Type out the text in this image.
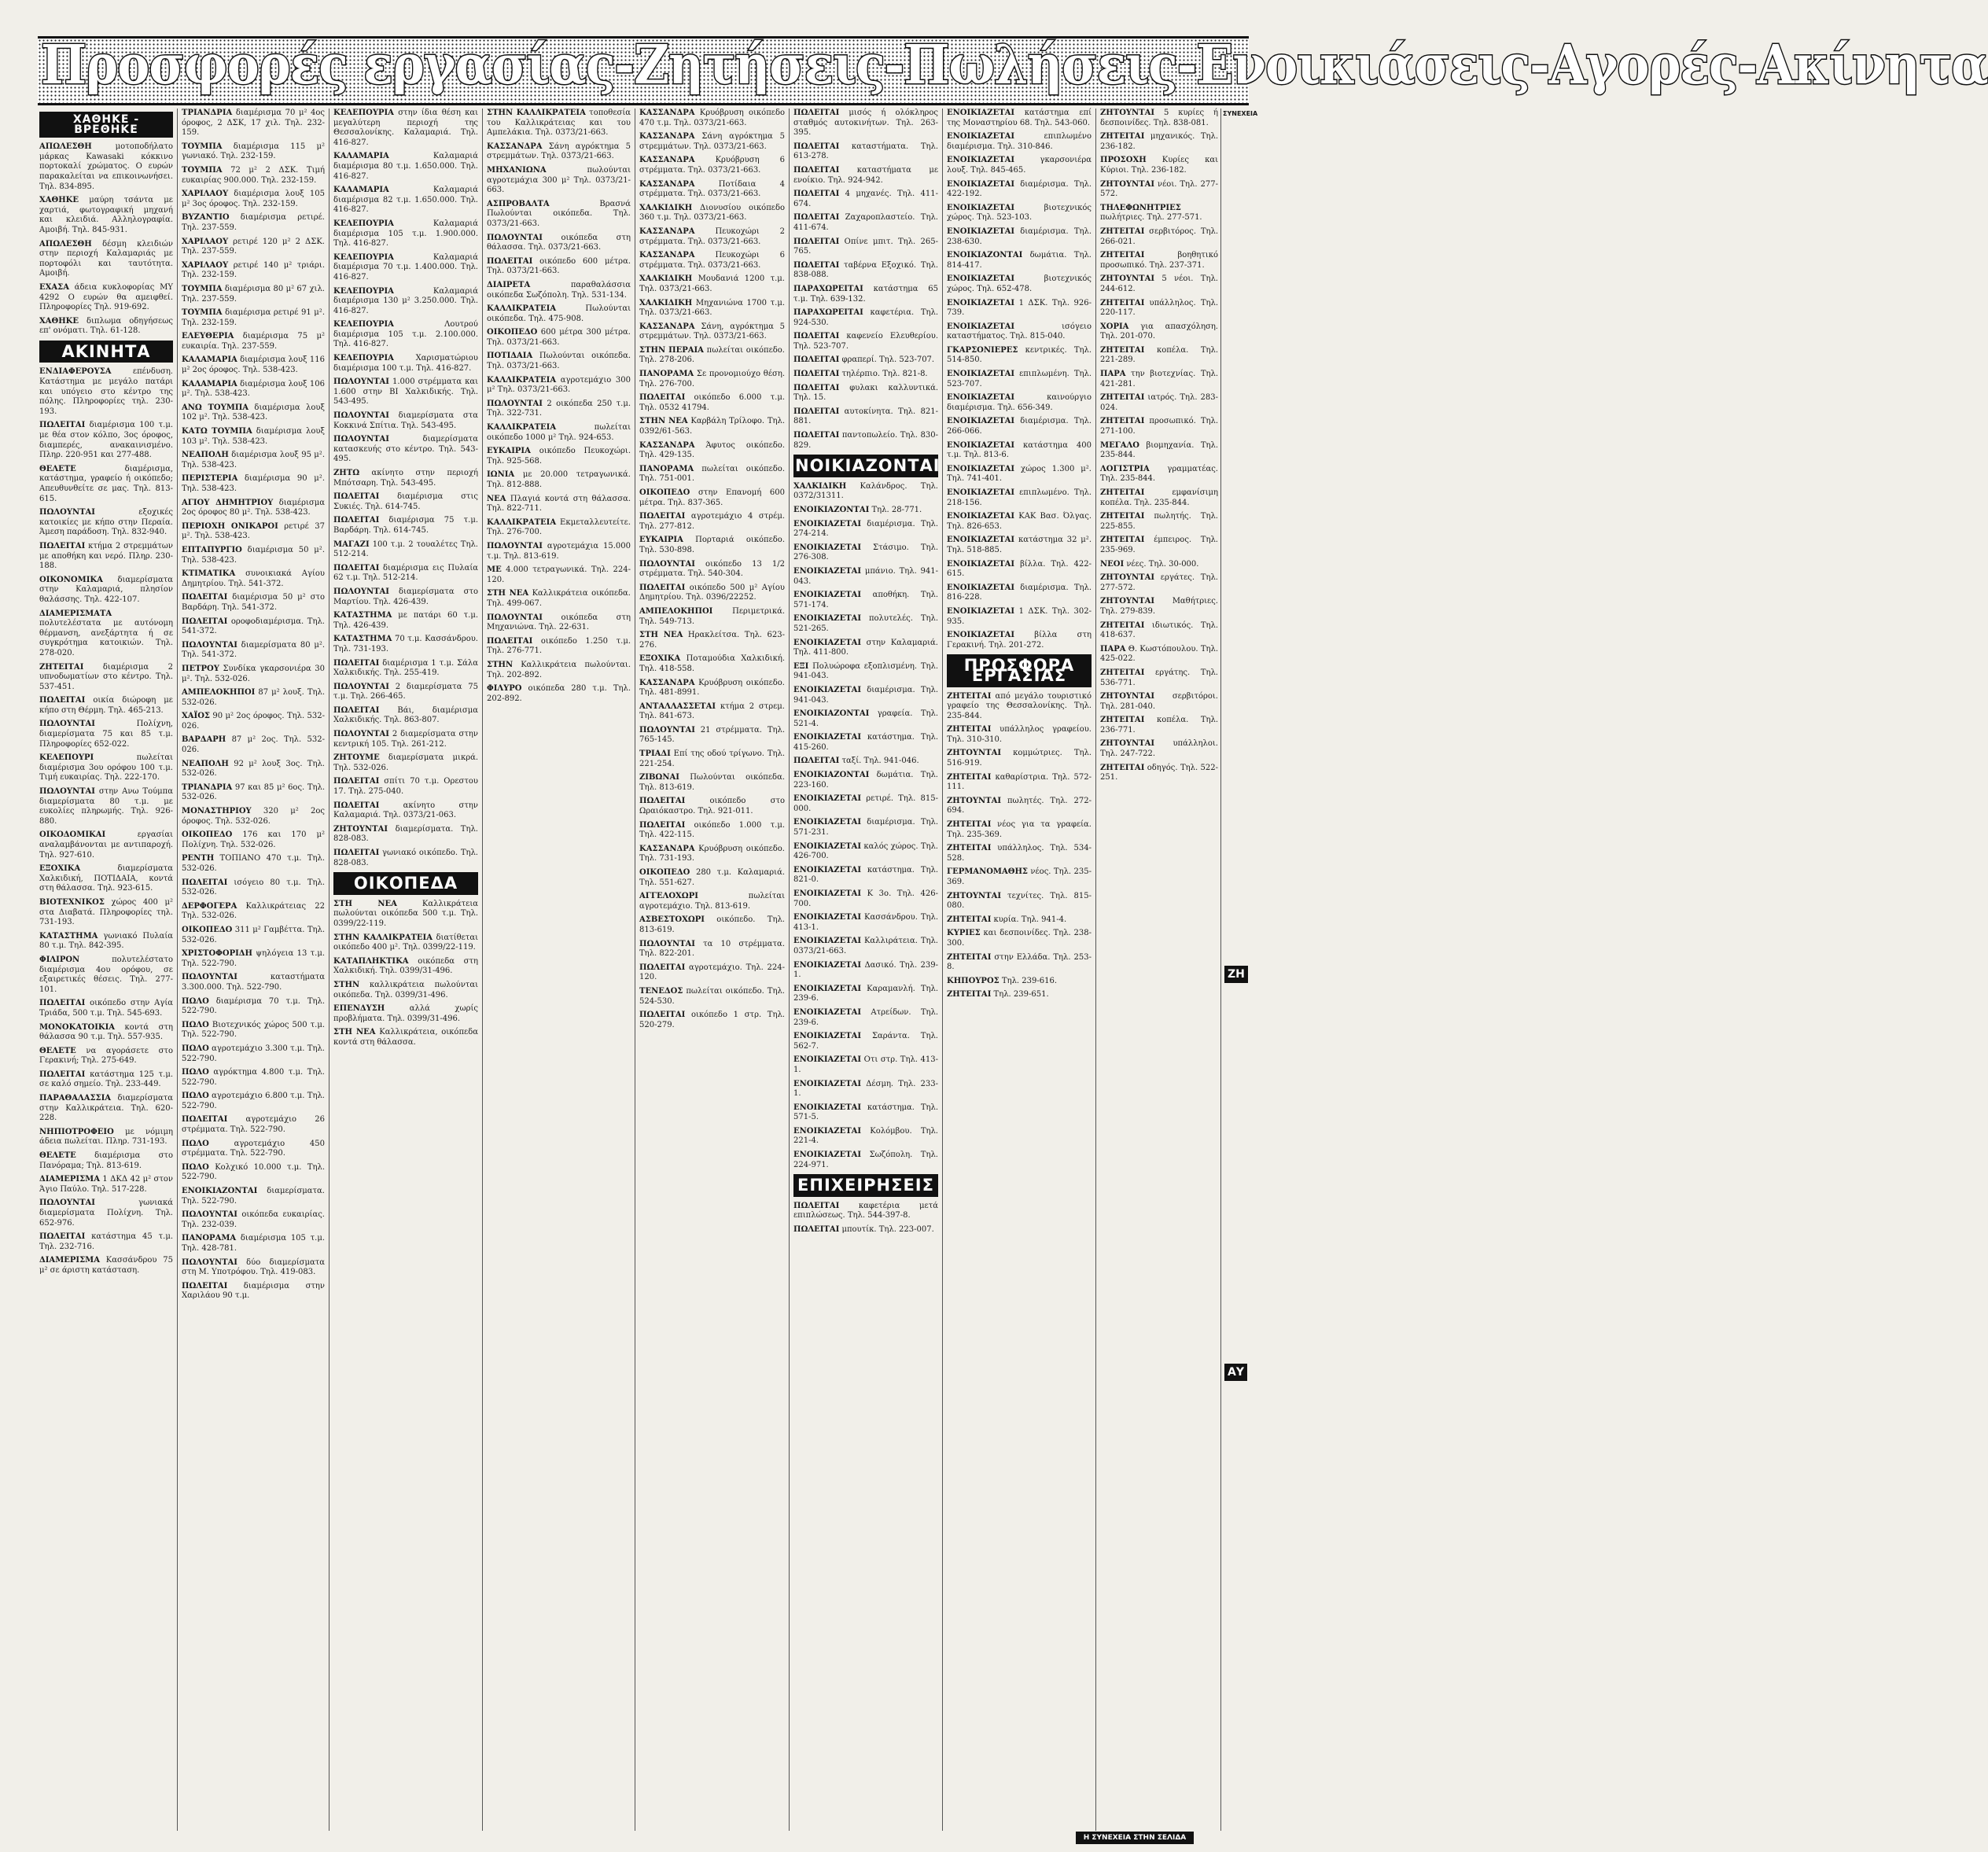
Προσφορές εργασίας-Ζητήσεις-Πωλήσεις-Ενοικιάσεις-Αγορές-Ακίνητα
ΧΑΘΗΚΕ - ΒΡΕΘΗΚΕ

ΑΠΩΛΕΣΘΗ μοτοποδήλατο μάρκας Kawasaki κόκκινο πορτοκαλί χρώματος. Ο ευρών παρακαλείται να επικοινωνήσει. Τηλ. 834-895.

ΧΑΘΗΚΕ μαύρη τσάντα με χαρτιά, φωτογραφική μηχανή και κλειδιά. Αλληλογραφία. Αμοιβή. Τηλ. 845-931.

ΑΠΩΛΕΣΘΗ δέσμη κλειδιών στην περιοχή Καλαμαριάς με πορτοφόλι και ταυτότητα. Αμοιβή.

ΕΧΑΣΑ άδεια κυκλοφορίας ΜΥ 4292 Ο ευρών θα αμειφθεί. Πληροφορίες Τηλ. 919-692.

ΧΑΘΗΚΕ διπλωμα οδηγήσεως επ' ονόματι. Τηλ. 61-128.

ΑΚΙΝΗΤΑ

ΕΝΔΙΑΦΕΡΟΥΣΑ επένδυση. Κατάστημα με μεγάλο πατάρι και υπόγειο στο κέντρο της πόλης. Πληροφορίες τηλ. 230-193.

ΠΩΛΕΙΤΑΙ διαμέρισμα 100 τ.μ. με θέα στον κόλπο, 3ος όροφος, διαμπερές, ανακαινισμένο. Πληρ. 220-951 και 277-488.

ΘΕΛΕΤΕ διαμέρισμα, κατάστημα, γραφείο ή οικόπεδο; Απευθυνθείτε σε μας. Τηλ. 813-615.

ΠΩΛΟΥΝΤΑΙ εξοχικές κατοικίες με κήπο στην Περαία. Άμεση παράδοση. Τηλ. 832-940.

ΠΩΛΕΙΤΑΙ κτήμα 2 στρεμμάτων με αποθήκη και νερό. Πληρ. 230-188.

ΟΙΚΟΝΟΜΙΚΑ διαμερίσματα στην Καλαμαριά, πλησίον θαλάσσης. Τηλ. 422-107.

ΔΙΑΜΕΡΙΣΜΑΤΑ πολυτελέστατα με αυτόνομη θέρμανση, ανεξάρτητα ή σε συγκρότημα κατοικιών. Τηλ. 278-020.

ΖΗΤΕΙΤΑΙ διαμέρισμα 2 υπνοδωματίων στο κέντρο. Τηλ. 537-451.

ΠΩΛΕΙΤΑΙ οικία διώροφη με κήπο στη Θέρμη. Τηλ. 465-213.

ΠΩΛΟΥΝΤΑΙ Πολίχνη, διαμερίσματα 75 και 85 τ.μ. Πληροφορίες 652-022.

ΚΕΛΕΠΟΥΡΙ πωλείται διαμέρισμα 3ου ορόφου 100 τ.μ. Τιμή ευκαιρίας. Τηλ. 222-170.

ΠΩΛΟΥΝΤΑΙ στην Ανω Τούμπα διαμερίσματα 80 τ.μ. με ευκολίες πληρωμής. Τηλ. 926-880.

ΟΙΚΟΔΟΜΙΚΑΙ εργασίαι αναλαμβάνονται με αντιπαροχή. Τηλ. 927-610.

ΕΞΟΧΙΚΑ διαμερίσματα Χαλκιδική, ΠΟΤΙΔΑΙΑ, κοντά στη θάλασσα. Τηλ. 923-615.

ΒΙΟΤΕΧΝΙΚΟΣ χώρος 400 μ² στα Διαβατά. Πληροφορίες τηλ. 731-193.

ΚΑΤΑΣΤΗΜΑ γωνιακό Πυλαία 80 τ.μ. Τηλ. 842-395.

ΦΙΛΙΡΟΝ πολυτελέστατο διαμέρισμα 4ου ορόφου, σε εξαιρετικές θέσεις. Τηλ. 277-101.

ΠΩΛΕΙΤΑΙ οικόπεδο στην Αγία Τριάδα, 500 τ.μ. Τηλ. 545-693.

ΜΟΝΟΚΑΤΟΙΚΙΑ κοντά στη θάλασσα 90 τ.μ. Τηλ. 557-935.

ΘΕΛΕΤΕ να αγοράσετε στο Γερακινή; Τηλ. 275-649.

ΠΩΛΕΙΤΑΙ κατάστημα 125 τ.μ. σε καλό σημείο. Τηλ. 233-449.

ΠΑΡΑΘΑΛΑΣΣΙΑ διαμερίσματα στην Καλλικράτεια. Τηλ. 620-228.

ΝΗΠΙΟΤΡΟΦΕΙΟ με νόμιμη άδεια πωλείται. Πληρ. 731-193.

ΘΕΛΕΤΕ διαμέρισμα στο Πανόραμα; Τηλ. 813-619.

ΔΙΑΜΕΡΙΣΜΑ 1 ΔΚΔ 42 μ² στον Άγιο Παύλο. Τηλ. 517-228.

ΠΩΛΟΥΝΤΑΙ γωνιακά διαμερίσματα Πολίχνη. Τηλ. 652-976.

ΠΩΛΕΙΤΑΙ κατάστημα 45 τ.μ. Τηλ. 232-716.

ΔΙΑΜΕΡΙΣΜΑ Κασσάνδρου 75 μ² σε άριστη κατάσταση.

ΤΡΙΑΝΔΡΙΑ διαμέρισμα 70 μ² 4ος όροφος, 2 ΔΣΚ, 17 χιλ. Τηλ. 232-159.

ΤΟΥΜΠΑ διαμέρισμα 115 μ² γωνιακό. Τηλ. 232-159.

ΤΟΥΜΠΑ 72 μ² 2 ΔΣΚ. Τιμή ευκαιρίας 900.000. Τηλ. 232-159.

ΧΑΡΙΛΑΟΥ διαμέρισμα λουξ 105 μ² 3ος όροφος. Τηλ. 232-159.

ΒΥΖΑΝΤΙΟ διαμέρισμα ρετιρέ. Τηλ. 237-559.

ΧΑΡΙΛΑΟΥ ρετιρέ 120 μ² 2 ΔΣΚ. Τηλ. 237-559.

ΧΑΡΙΛΑΟΥ ρετιρέ 140 μ² τριάρι. Τηλ. 232-159.

ΤΟΥΜΠΑ διαμέρισμα 80 μ² 67 χιλ. Τηλ. 237-559.

ΤΟΥΜΠΑ διαμέρισμα ρετιρέ 91 μ². Τηλ. 232-159.

ΕΛΕΥΘΕΡΙΑ διαμέρισμα 75 μ² ευκαιρία. Τηλ. 237-559.

ΚΑΛΑΜΑΡΙΑ διαμέρισμα λουξ 116 μ² 2ος όροφος. Τηλ. 538-423.

ΚΑΛΑΜΑΡΙΑ διαμέρισμα λουξ 106 μ². Τηλ. 538-423.

ΑΝΩ ΤΟΥΜΠΑ διαμέρισμα λουξ 102 μ². Τηλ. 538-423.

ΚΑΤΩ ΤΟΥΜΠΑ διαμέρισμα λουξ 103 μ². Τηλ. 538-423.

ΝΕΑΠΟΛΗ διαμέρισμα λουξ 95 μ². Τηλ. 538-423.

ΠΕΡΙΣΤΕΡΙΑ διαμέρισμα 90 μ². Τηλ. 538-423.

ΑΓΙΟΥ ΔΗΜΗΤΡΙΟΥ διαμέρισμα 2ος όροφος 80 μ². Τηλ. 538-423.

ΠΕΡΙΟΧΗ ΟΝΙΚΑΡΟΙ ρετιρέ 37 μ². Τηλ. 538-423.

ΕΠΤΑΠΥΡΓΙΟ διαμέρισμα 50 μ². Τηλ. 538-423.

ΚΤΙΜΑΤΙΚΑ συνοικιακά Αγίου Δημητρίου. Τηλ. 541-372.

ΠΩΛΕΙΤΑΙ διαμέρισμα 50 μ² στο Βαρδάρη. Τηλ. 541-372.

ΠΩΛΕΙΤΑΙ οροφοδιαμέρισμα. Τηλ. 541-372.

ΠΩΛΟΥΝΤΑΙ διαμερίσματα 80 μ². Τηλ. 541-372.

ΠΕΤΡΟΥ Συνδίκα γκαρσονιέρα 30 μ². Τηλ. 532-026.

ΑΜΠΕΛΟΚΗΠΟΙ 87 μ² λουξ. Τηλ. 532-026.

ΧΑΪΟΣ 90 μ² 2ος όροφος. Τηλ. 532-026.

ΒΑΡΔΑΡΗ 87 μ² 2ος. Τηλ. 532-026.

ΝΕΑΠΟΛΗ 92 μ² λουξ 3ος. Τηλ. 532-026.

ΤΡΙΑΝΔΡΙΑ 97 και 85 μ² 6ος. Τηλ. 532-026.

ΜΟΝΑΣΤΗΡΙΟΥ 320 μ² 2ος όροφος. Τηλ. 532-026.

ΟΙΚΟΠΕΔΟ 176 και 170 μ² Πολίχνη. Τηλ. 532-026.

ΡΕΝΤΗ ΤΟΠΙΑΝΟ 470 τ.μ. Τηλ. 532-026.

ΠΩΛΕΙΤΑΙ ισόγειο 80 τ.μ. Τηλ. 532-026.

ΔΕΡΦΟΓΕΡΑ Καλλικράτειας 22 Τηλ. 532-026.

ΟΙΚΟΠΕΔΟ 311 μ² Γαμβέττα. Τηλ. 532-026.

ΧΡΙΣΤΟΦΟΡΙΔΗ ψηλόγεια 13 τ.μ. Τηλ. 522-790.

ΠΩΛΟΥΝΤΑΙ καταστήματα 3.300.000. Τηλ. 522-790.

ΠΩΛΟ διαμέρισμα 70 τ.μ. Τηλ. 522-790.

ΠΩΛΟ Βιοτεχνικός χώρος 500 τ.μ. Τηλ. 522-790.

ΠΩΛΟ αγροτεμάχιο 3.300 τ.μ. Τηλ. 522-790.

ΠΩΛΟ αγρόκτημα 4.800 τ.μ. Τηλ. 522-790.

ΠΩΛΟ αγροτεμάχιο 6.800 τ.μ. Τηλ. 522-790.

ΠΩΛΕΙΤΑΙ αγροτεμάχιο 26 στρέμματα. Τηλ. 522-790.

ΠΩΛΟ αγροτεμάχιο 450 στρέμματα. Τηλ. 522-790.

ΠΩΛΟ Κολχικό 10.000 τ.μ. Τηλ. 522-790.

ΕΝΟΙΚΙΑΖΟΝΤΑΙ διαμερίσματα. Τηλ. 522-790.

ΠΩΛΟΥΝΤΑΙ οικόπεδα ευκαιρίας. Τηλ. 232-039.

ΠΑΝΟΡΑΜΑ διαμέρισμα 105 τ.μ. Τηλ. 428-781.

ΠΩΛΟΥΝΤΑΙ δύο διαμερίσματα στη Μ. Υποτρόφου. Τηλ. 419-083.

ΠΩΛΕΙΤΑΙ διαμέρισμα στην Χαριλάου 90 τ.μ.

ΚΕΛΕΠΟΥΡΙΑ στην ίδια θέση και μεγαλύτερη περιοχή της Θεσσαλονίκης. Καλαμαριά. Τηλ. 416-827.

ΚΑΛΑΜΑΡΙΑ Καλαμαριά διαμέρισμα 80 τ.μ. 1.650.000. Τηλ. 416-827.

ΚΑΛΑΜΑΡΙΑ Καλαμαριά διαμέρισμα 82 τ.μ. 1.650.000. Τηλ. 416-827.

ΚΕΛΕΠΟΥΡΙΑ Καλαμαριά διαμέρισμα 105 τ.μ. 1.900.000. Τηλ. 416-827.

ΚΕΛΕΠΟΥΡΙΑ Καλαμαριά διαμέρισμα 70 τ.μ. 1.400.000. Τηλ. 416-827.

ΚΕΛΕΠΟΥΡΙΑ Καλαμαριά διαμέρισμα 130 μ² 3.250.000. Τηλ. 416-827.

ΚΕΛΕΠΟΥΡΙΑ Λουτρού διαμέρισμα 105 τ.μ. 2.100.000. Τηλ. 416-827.

ΚΕΛΕΠΟΥΡΙΑ Χαρισματώριου διαμέρισμα 100 τ.μ. Τηλ. 416-827.

ΠΩΛΟΥΝΤΑΙ 1.000 στρέμματα και 1.600 στην ΒΙ Χαλκιδικής. Τηλ. 543-495.

ΠΩΛΟΥΝΤΑΙ διαμερίσματα στα Κοκκινά Σπίτια. Τηλ. 543-495.

ΠΩΛΟΥΝΤΑΙ διαμερίσματα κατασκευής στο κέντρο. Τηλ. 543-495.

ΖΗΤΩ ακίνητο στην περιοχή Μπότσαρη. Τηλ. 543-495.

ΠΩΛΕΙΤΑΙ διαμέρισμα στις Συκιές. Τηλ. 614-745.

ΠΩΛΕΙΤΑΙ διαμέρισμα 75 τ.μ. Βαρδάρη. Τηλ. 614-745.

ΜΑΓΑΖΙ 100 τ.μ. 2 τουαλέτες Τηλ. 512-214.

ΠΩΛΕΙΤΑΙ διαμέρισμα εις Πυλαία 62 τ.μ. Τηλ. 512-214.

ΠΩΛΟΥΝΤΑΙ διαμερίσματα στο Μαρτίου. Τηλ. 426-439.

ΚΑΤΑΣΤΗΜΑ με πατάρι 60 τ.μ. Τηλ. 426-439.

ΚΑΤΑΣΤΗΜΑ 70 τ.μ. Κασσάνδρου. Τηλ. 731-193.

ΠΩΛΕΙΤΑΙ διαμέρισμα 1 τ.μ. Σάλα Χαλκιδικής. Τηλ. 255-419.

ΠΩΛΟΥΝΤΑΙ 2 διαμερίσματα 75 τ.μ. Τηλ. 266-465.

ΠΩΛΕΙΤΑΙ Βάι, διαμέρισμα Χαλκιδικής. Τηλ. 863-807.

ΠΩΛΟΥΝΤΑΙ 2 διαμερίσματα στην κεντρική 105. Τηλ. 261-212.

ΖΗΤΟΥΜΕ διαμερίσματα μικρά. Τηλ. 532-026.

ΠΩΛΕΙΤΑΙ σπίτι 70 τ.μ. Ορεστου 17. Τηλ. 275-040.

ΠΩΛΕΙΤΑΙ ακίνητο στην Καλαμαριά. Τηλ. 0373/21-063.

ΖΗΤΟΥΝΤΑΙ διαμερίσματα. Τηλ. 828-083.

ΠΩΛΕΙΤΑΙ γωνιακό οικόπεδο. Τηλ. 828-083.

ΟΙΚΟΠΕΔΑ

ΣΤΗ ΝΕΑ Καλλικράτεια πωλούνται οικόπεδα 500 τ.μ. Τηλ. 0399/22-119.

ΣΤΗΝ ΚΑΛΛΙΚΡΑΤΕΙΑ διατίθεται οικόπεδο 400 μ². Τηλ. 0399/22-119.

ΚΑΤΑΠΛΗΚΤΙΚΑ οικόπεδα στη Χαλκιδική. Τηλ. 0399/31-496.

ΣΤΗΝ καλλικράτεια πωλούνται οικόπεδα. Τηλ. 0399/31-496.

ΕΠΕΝΔΥΣΗ αλλά χωρίς προβλήματα. Τηλ. 0399/31-496.

ΣΤΗ ΝΕΑ Καλλικράτεια, οικόπεδα κοντά στη θάλασσα.

ΣΤΗΝ ΚΑΛΛΙΚΡΑΤΕΙΑ τοποθεσία του Καλλικράτειας και του Αμπελάκια. Τηλ. 0373/21-663.

ΚΑΣΣΑΝΔΡΑ Σάνη αγρόκτημα 5 στρεμμάτων. Τηλ. 0373/21-663.

ΜΗΧΑΝΙΩΝΑ πωλούνται αγροτεμάχια 300 μ² Τηλ. 0373/21-663.

ΑΣΠΡΟΒΑΛΤΑ Βρασνά Πωλούνται οικόπεδα. Τηλ. 0373/21-663.

ΠΩΛΟΥΝΤΑΙ οικόπεδα στη θάλασσα. Τηλ. 0373/21-663.

ΠΩΛΕΙΤΑΙ οικόπεδο 600 μέτρα. Τηλ. 0373/21-663.

ΔΙΑΙΡΕΤΑ παραθαλάσσια οικόπεδα Σωζόπολη. Τηλ. 531-134.

ΚΑΛΛΙΚΡΑΤΕΙΑ Πωλούνται οικόπεδα. Τηλ. 475-908.

ΟΙΚΟΠΕΔΟ 600 μέτρα 300 μέτρα. Τηλ. 0373/21-663.

ΠΟΤΙΔΑΙΑ Πωλούνται οικόπεδα. Τηλ. 0373/21-663.

ΚΑΛΛΙΚΡΑΤΕΙΑ αγροτεμάχιο 300 μ² Τηλ. 0373/21-663.

ΠΩΛΟΥΝΤΑΙ 2 οικόπεδα 250 τ.μ. Τηλ. 322-731.

ΚΑΛΛΙΚΡΑΤΕΙΑ πωλείται οικόπεδο 1000 μ² Τηλ. 924-653.

ΕΥΚΑΙΡΙΑ οικόπεδο Πευκοχώρι. Τηλ. 925-568.

ΙΩΝΙΑ με 20.000 τετραγωνικά. Τηλ. 812-888.

ΝΕΑ Πλαγιά κοντά στη θάλασσα. Τηλ. 822-711.

ΚΑΛΛΙΚΡΑΤΕΙΑ Εκμεταλλευτείτε. Τηλ. 276-700.

ΠΩΛΟΥΝΤΑΙ αγροτεμάχια 15.000 τ.μ. Τηλ. 813-619.

ΜΕ 4.000 τετραγωνικά. Τηλ. 224-120.

ΣΤΗ ΝΕΑ Καλλικράτεια οικόπεδα. Τηλ. 499-067.

ΠΩΛΟΥΝΤΑΙ οικόπεδα στη Μηχανιώνα. Τηλ. 22-631.

ΠΩΛΕΙΤΑΙ οικόπεδο 1.250 τ.μ. Τηλ. 276-771.

ΣΤΗΝ Καλλικράτεια πωλούνται. Τηλ. 202-892.

ΦΙΛΥΡΟ οικόπεδα 280 τ.μ. Τηλ. 202-892.

ΚΑΣΣΑΝΔΡΑ Κρυόβρυση οικόπεδο 470 τ.μ. Τηλ. 0373/21-663.

ΚΑΣΣΑΝΔΡΑ Σάνη αγρόκτημα 5 στρεμμάτων. Τηλ. 0373/21-663.

ΚΑΣΣΑΝΔΡΑ Κρυόβρυση 6 στρέμματα. Τηλ. 0373/21-663.

ΚΑΣΣΑΝΔΡΑ Ποτίδαια 4 στρέμματα. Τηλ. 0373/21-663.

ΧΑΛΚΙΔΙΚΗ Διονυσίου οικόπεδο 360 τ.μ. Τηλ. 0373/21-663.

ΚΑΣΣΑΝΔΡΑ Πευκοχώρι 2 στρέμματα. Τηλ. 0373/21-663.

ΚΑΣΣΑΝΔΡΑ Πευκοχώρι 6 στρέμματα. Τηλ. 0373/21-663.

ΧΑΛΚΙΔΙΚΗ Μουδανιά 1200 τ.μ. Τηλ. 0373/21-663.

ΧΑΛΚΙΔΙΚΗ Μηχανιώνα 1700 τ.μ. Τηλ. 0373/21-663.

ΚΑΣΣΑΝΔΡΑ Σάνη, αγρόκτημα 5 στρεμμάτων. Τηλ. 0373/21-663.

ΣΤΗΝ ΠΕΡΑΙΑ πωλείται οικόπεδο. Τηλ. 278-206.

ΠΑΝΟΡΑΜΑ Σε προνομιούχο θέση. Τηλ. 276-700.

ΠΩΛΕΙΤΑΙ οικόπεδο 6.000 τ.μ. Τηλ. 0532 41794.

ΣΤΗΝ ΝΕΑ Καρβάλη Τρίλοφο. Τηλ. 0392/61-563.

ΚΑΣΣΑΝΔΡΑ Άφυτος οικόπεδο. Τηλ. 429-135.

ΠΑΝΟΡΑΜΑ πωλείται οικόπεδο. Τηλ. 751-001.

ΟΙΚΟΠΕΔΟ στην Επανομή 600 μέτρα. Τηλ. 837-365.

ΠΩΛΕΙΤΑΙ αγροτεμάχιο 4 στρέμ. Τηλ. 277-812.

ΕΥΚΑΙΡΙΑ Πορταριά οικόπεδο. Τηλ. 530-898.

ΠΩΛΟΥΝΤΑΙ οικόπεδο 13 1/2 στρέμματα. Τηλ. 540-304.

ΠΩΛΕΙΤΑΙ οικόπεδο 500 μ² Αγίου Δημητρίου. Τηλ. 0396/22252.

ΑΜΠΕΛΟΚΗΠΟΙ Περιμετρικά. Τηλ. 549-713.

ΣΤΗ ΝΕΑ Ηρακλείτσα. Τηλ. 623-276.

ΕΞΟΧΙΚΑ Ποταμούδια Χαλκιδική. Τηλ. 418-558.

ΚΑΣΣΑΝΔΡΑ Κρυόβρυση οικόπεδο. Τηλ. 481-8991.

ΑΝΤΑΛΛΑΣΣΕΤΑΙ κτήμα 2 στρεμ. Τηλ. 841-673.

ΠΩΛΟΥΝΤΑΙ 21 στρέμματα. Τηλ. 765-145.

ΤΡΙΑΔΙ Επί της οδού τρίγωνο. Τηλ. 221-254.

ΖΙΒΩΝΑΙ Πωλούνται οικόπεδα. Τηλ. 813-619.

ΠΩΛΕΙΤΑΙ οικόπεδο στο Ωραιόκαστρο. Τηλ. 921-011.

ΠΩΛΕΙΤΑΙ οικόπεδο 1.000 τ.μ. Τηλ. 422-115.

ΚΑΣΣΑΝΔΡΑ Κρυόβρυση οικόπεδο. Τηλ. 731-193.

ΟΙΚΟΠΕΔΟ 280 τ.μ. Καλαμαριά. Τηλ. 551-627.

ΑΓΓΕΛΟΧΩΡΙ πωλείται αγροτεμάχιο. Τηλ. 813-619.

ΑΣΒΕΣΤΟΧΩΡΙ οικόπεδο. Τηλ. 813-619.

ΠΩΛΟΥΝΤΑΙ τα 10 στρέμματα. Τηλ. 822-201.

ΠΩΛΕΙΤΑΙ αγροτεμάχιο. Τηλ. 224-120.

ΤΕΝΕΔΟΣ πωλείται οικόπεδο. Τηλ. 524-530.

ΠΩΛΕΙΤΑΙ οικόπεδο 1 στρ. Τηλ. 520-279.

ΠΩΛΕΙΤΑΙ μισός ή ολόκληρος σταθμός αυτοκινήτων. Τηλ. 263-395.

ΠΩΛΕΙΤΑΙ καταστήματα. Τηλ. 613-278.

ΠΩΛΕΙΤΑΙ καταστήματα με ενοίκιο. Τηλ. 924-942.

ΠΩΛΕΙΤΑΙ 4 μηχανές. Τηλ. 411-674.

ΠΩΛΕΙΤΑΙ Ζαχαροπλαστείο. Τηλ. 411-674.

ΠΩΛΕΙΤΑΙ Οπίνε μπιτ. Τηλ. 265-765.

ΠΩΛΕΙΤΑΙ ταβέρνα Εξοχικό. Τηλ. 838-088.

ΠΑΡΑΧΩΡΕΙΤΑΙ κατάστημα 65 τ.μ. Τηλ. 639-132.

ΠΑΡΑΧΩΡΕΙΤΑΙ καφετέρια. Τηλ. 924-530.

ΠΩΛΕΙΤΑΙ καφενείο Ελευθερίου. Τηλ. 523-707.

ΠΩΛΕΙΤΑΙ φραπερί. Τηλ. 523-707.

ΠΩΛΕΙΤΑΙ τηλέρπιο. Τηλ. 821-8.

ΠΩΛΕΙΤΑΙ φυλακι καλλυντικά. Τηλ. 15.

ΠΩΛΕΙΤΑΙ αυτοκίνητα. Τηλ. 821-881.

ΠΩΛΕΙΤΑΙ παντοπωλείο. Τηλ. 830-829.

ΝΟΙΚΙΑΖΟΝΤΑΙ

ΧΑΛΚΙΔΙΚΗ Καλάνδρος. Τηλ. 0372/31311.

ΕΝΟΙΚΙΑΖΟΝΤΑΙ Τηλ. 28-771.

ΕΝΟΙΚΙΑΖΕΤΑΙ διαμέρισμα. Τηλ. 274-214.

ΕΝΟΙΚΙΑΖΕΤΑΙ Στάσιμο. Τηλ. 276-308.

ΕΝΟΙΚΙΑΖΕΤΑΙ μπάνιο. Τηλ. 941-043.

ΕΝΟΙΚΙΑΖΕΤΑΙ αποθήκη. Τηλ. 571-174.

ΕΝΟΙΚΙΑΖΕΤΑΙ πολυτελές. Τηλ. 521-265.

ΕΝΟΙΚΙΑΖΕΤΑΙ στην Καλαμαριά. Τηλ. 411-800.

ΕΞΙ Πολυώροφα εξοπλισμένη. Τηλ. 941-043.

ΕΝΟΙΚΙΑΖΕΤΑΙ διαμέρισμα. Τηλ. 941-043.

ΕΝΟΙΚΙΑΖΟΝΤΑΙ γραφεία. Τηλ. 521-4.

ΕΝΟΙΚΙΑΖΕΤΑΙ κατάστημα. Τηλ. 415-260.

ΠΩΛΕΙΤΑΙ ταξί. Τηλ. 941-046.

ΕΝΟΙΚΙΑΖΟΝΤΑΙ δωμάτια. Τηλ. 223-160.

ΕΝΟΙΚΙΑΖΕΤΑΙ ρετιρέ. Τηλ. 815-000.

ΕΝΟΙΚΙΑΖΕΤΑΙ διαμέρισμα. Τηλ. 571-231.

ΕΝΟΙΚΙΑΖΕΤΑΙ καλός χώρος. Τηλ. 426-700.

ΕΝΟΙΚΙΑΖΕΤΑΙ κατάστημα. Τηλ. 821-0.

ΕΝΟΙΚΙΑΖΕΤΑΙ Κ 3ο. Τηλ. 426-700.

ΕΝΟΙΚΙΑΖΕΤΑΙ Κασσάνδρου. Τηλ. 413-1.

ΕΝΟΙΚΙΑΖΕΤΑΙ Καλλιράτεια. Τηλ. 0373/21-663.

ΕΝΟΙΚΙΑΖΕΤΑΙ Δασικό. Τηλ. 239-1.

ΕΝΟΙΚΙΑΖΕΤΑΙ Καραμανλή. Τηλ. 239-6.

ΕΝΟΙΚΙΑΖΕΤΑΙ Ατρείδων. Τηλ. 239-6.

ΕΝΟΙΚΙΑΖΕΤΑΙ Σαράντα. Τηλ. 562-7.

ΕΝΟΙΚΙΑΖΕΤΑΙ Οτι στρ. Τηλ. 413-1.

ΕΝΟΙΚΙΑΖΕΤΑΙ Δέσμη. Τηλ. 233-1.

ΕΝΟΙΚΙΑΖΕΤΑΙ κατάστημα. Τηλ. 571-5.

ΕΝΟΙΚΙΑΖΕΤΑΙ Κολόμβου. Τηλ. 221-4.

ΕΝΟΙΚΙΑΖΕΤΑΙ Σωζόπολη. Τηλ. 224-971.

ΕΠΙΧΕΙΡΗΣΕΙΣ

ΠΩΛΕΙΤΑΙ καφετέρια μετά επιπλώσεως. Τηλ. 544-397-8.

ΠΩΛΕΙΤΑΙ μπουτίκ. Τηλ. 223-007.

ΕΝΟΙΚΙΑΖΕΤΑΙ κατάστημα επί της Μοναστηρίου 68. Τηλ. 543-060.

ΕΝΟΙΚΙΑΖΕΤΑΙ επιπλωμένο διαμέρισμα. Τηλ. 310-846.

ΕΝΟΙΚΙΑΖΕΤΑΙ γκαρσονιέρα λουξ. Τηλ. 845-465.

ΕΝΟΙΚΙΑΖΕΤΑΙ διαμέρισμα. Τηλ. 422-192.

ΕΝΟΙΚΙΑΖΕΤΑΙ βιοτεχνικός χώρος. Τηλ. 523-103.

ΕΝΟΙΚΙΑΖΕΤΑΙ διαμέρισμα. Τηλ. 238-630.

ΕΝΟΙΚΙΑΖΟΝΤΑΙ δωμάτια. Τηλ. 814-417.

ΕΝΟΙΚΙΑΖΕΤΑΙ βιοτεχνικός χώρος. Τηλ. 652-478.

ΕΝΟΙΚΙΑΖΕΤΑΙ 1 ΔΣΚ. Τηλ. 926-739.

ΕΝΟΙΚΙΑΖΕΤΑΙ ισόγειο καταστήματος. Τηλ. 815-040.

ΓΚΑΡΣΟΝΙΕΡΕΣ κεντρικές. Τηλ. 514-850.

ΕΝΟΙΚΙΑΖΕΤΑΙ επιπλωμένη. Τηλ. 523-707.

ΕΝΟΙΚΙΑΖΕΤΑΙ καινούργιο διαμέρισμα. Τηλ. 656-349.

ΕΝΟΙΚΙΑΖΕΤΑΙ διαμέρισμα. Τηλ. 266-066.

ΕΝΟΙΚΙΑΖΕΤΑΙ κατάστημα 400 τ.μ. Τηλ. 813-6.

ΕΝΟΙΚΙΑΖΕΤΑΙ χώρος 1.300 μ². Τηλ. 741-401.

ΕΝΟΙΚΙΑΖΕΤΑΙ επιπλωμένο. Τηλ. 218-156.

ΕΝΟΙΚΙΑΖΕΤΑΙ ΚΑΚ Βασ. Όλγας. Τηλ. 826-653.

ΕΝΟΙΚΙΑΖΕΤΑΙ κατάστημα 32 μ². Τηλ. 518-885.

ΕΝΟΙΚΙΑΖΕΤΑΙ βίλλα. Τηλ. 422-615.

ΕΝΟΙΚΙΑΖΕΤΑΙ διαμέρισμα. Τηλ. 816-228.

ΕΝΟΙΚΙΑΖΕΤΑΙ 1 ΔΣΚ. Τηλ. 302-935.

ΕΝΟΙΚΙΑΖΕΤΑΙ βίλλα στη Γερακινή. Τηλ. 201-272.

ΠΡΟΣΦΟΡΑ ΕΡΓΑΣΙΑΣ

ΖΗΤΕΙΤΑΙ από μεγάλο τουριστικό γραφείο της Θεσσαλονίκης. Τηλ. 235-844.

ΖΗΤΕΙΤΑΙ υπάλληλος γραφείου. Τηλ. 310-310.

ΖΗΤΟΥΝΤΑΙ κομμώτριες. Τηλ. 516-919.

ΖΗΤΕΙΤΑΙ καθαρίστρια. Τηλ. 572-111.

ΖΗΤΟΥΝΤΑΙ πωλητές. Τηλ. 272-694.

ΖΗΤΕΙΤΑΙ νέος για τα γραφεία. Τηλ. 235-369.

ΖΗΤΕΙΤΑΙ υπάλληλος. Τηλ. 534-528.

ΓΕΡΜΑΝΟΜΑΘΗΣ νέος. Τηλ. 235-369.

ΖΗΤΟΥΝΤΑΙ τεχνίτες. Τηλ. 815-080.

ΖΗΤΕΙΤΑΙ κυρία. Τηλ. 941-4.

ΚΥΡΙΕΣ και δεσποινίδες. Τηλ. 238-300.

ΖΗΤΕΙΤΑΙ στην Ελλάδα. Τηλ. 253-8.

ΚΗΠΟΥΡΟΣ Τηλ. 239-616.

ΖΗΤΕΙΤΑΙ Τηλ. 239-651.

ΖΗΤΟΥΝΤΑΙ 5 κυρίες ή δεσποινίδες. Τηλ. 838-081.

ΖΗΤΕΙΤΑΙ μηχανικός. Τηλ. 236-182.

ΠΡΟΣΟΧΗ Κυρίες και Κύριοι. Τηλ. 236-182.

ΖΗΤΟΥΝΤΑΙ νέοι. Τηλ. 277-572.

ΤΗΛΕΦΩΝΗΤΡΙΕΣ πωλήτριες. Τηλ. 277-571.

ΖΗΤΕΙΤΑΙ σερβιτόρος. Τηλ. 266-021.

ΖΗΤΕΙΤΑΙ βοηθητικό προσωπικό. Τηλ. 237-371.

ΖΗΤΟΥΝΤΑΙ 5 νέοι. Τηλ. 244-612.

ΖΗΤΕΙΤΑΙ υπάλληλος. Τηλ. 220-117.

ΧΟΡΙΑ για απασχόληση. Τηλ. 201-070.

ΖΗΤΕΙΤΑΙ κοπέλα. Τηλ. 221-289.

ΠΑΡΑ την βιοτεχνίας. Τηλ. 421-281.

ΖΗΤΕΙΤΑΙ ιατρός. Τηλ. 283-024.

ΖΗΤΕΙΤΑΙ προσωπικό. Τηλ. 271-100.

ΜΕΓΑΛΟ βιομηχανία. Τηλ. 235-844.

ΛΟΓΙΣΤΡΙΑ γραμματέας. Τηλ. 235-844.

ΖΗΤΕΙΤΑΙ εμφανίσιμη κοπέλα. Τηλ. 235-844.

ΖΗΤΕΙΤΑΙ πωλητής. Τηλ. 225-855.

ΖΗΤΕΙΤΑΙ έμπειρος. Τηλ. 235-969.

ΝΕΟΙ νέες. Τηλ. 30-000.

ΖΗΤΟΥΝΤΑΙ εργάτες. Τηλ. 277-572.

ΖΗΤΟΥΝΤΑΙ Μαθήτριες. Τηλ. 279-839.

ΖΗΤΕΙΤΑΙ ιδιωτικός. Τηλ. 418-637.

ΠΑΡΑ Θ. Κωστόπουλου. Τηλ. 425-022.

ΖΗΤΕΙΤΑΙ εργάτης. Τηλ. 536-771.

ΖΗΤΟΥΝΤΑΙ σερβιτόροι. Τηλ. 281-040.

ΖΗΤΕΙΤΑΙ κοπέλα. Τηλ. 236-771.

ΖΗΤΟΥΝΤΑΙ υπάλληλοι. Τηλ. 247-722.

ΖΗΤΕΙΤΑΙ οδηγός. Τηλ. 522-251.

ΣΥΝΕΧΕΙΑ
ΖΗ
ΑΥ
Η ΣΥΝΕΧΕΙΑ ΣΤΗΝ ΣΕΛΙΔΑ
